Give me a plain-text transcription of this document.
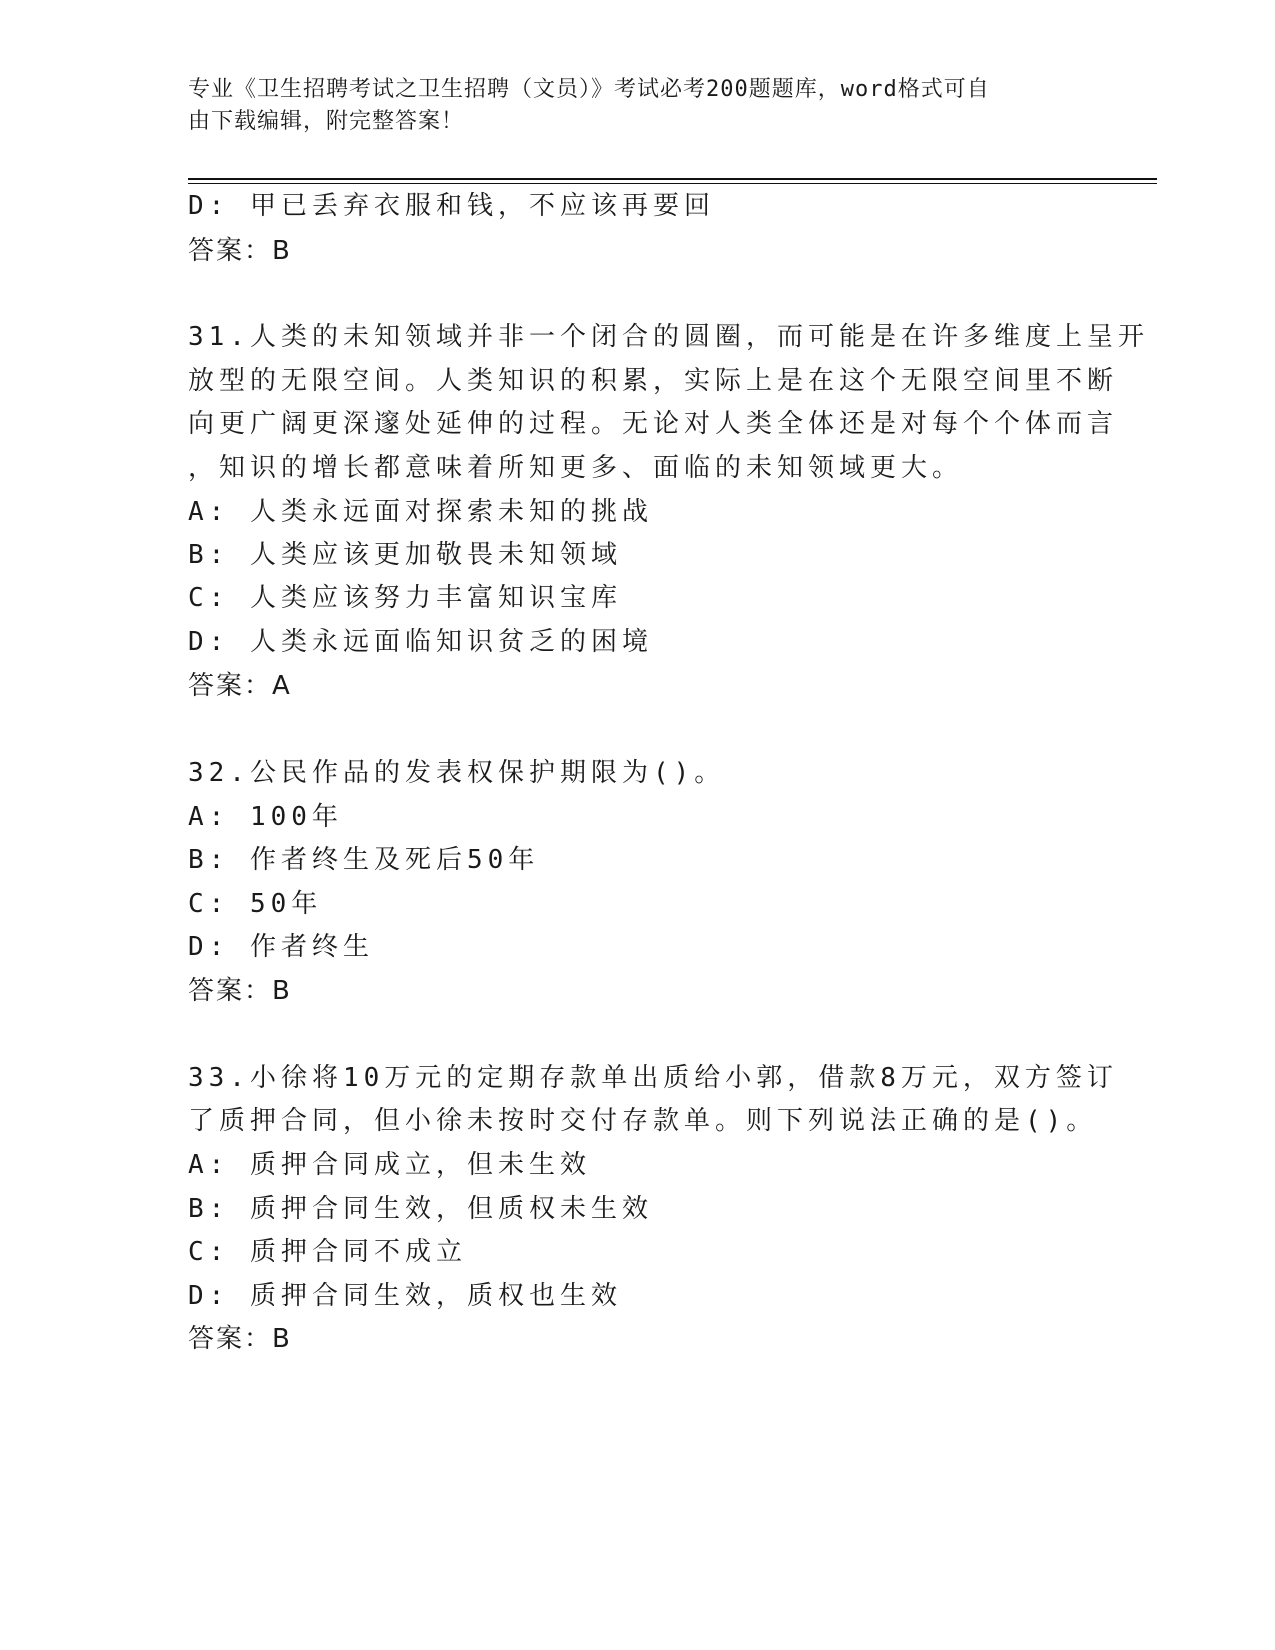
专业《卫生招聘考试之卫生招聘（文员）》考试必考200题题库，word格式可自
由下载编辑，附完整答案！
D: 甲已丢弃衣服和钱，不应该再要回
答案：B
31.人类的未知领域并非一个闭合的圆圈，而可能是在许多维度上呈开
放型的无限空间。人类知识的积累，实际上是在这个无限空间里不断
向更广阔更深邃处延伸的过程。无论对人类全体还是对每个个体而言
，知识的增长都意味着所知更多、面临的未知领域更大。
A: 人类永远面对探索未知的挑战
B: 人类应该更加敬畏未知领域
C: 人类应该努力丰富知识宝库
D: 人类永远面临知识贫乏的困境
答案：A
32.公民作品的发表权保护期限为()。
A: 100年
B: 作者终生及死后50年
C: 50年
D: 作者终生
答案：B
33.小徐将10万元的定期存款单出质给小郭，借款8万元，双方签订
了质押合同，但小徐未按时交付存款单。则下列说法正确的是()。
A: 质押合同成立，但未生效
B: 质押合同生效，但质权未生效
C: 质押合同不成立
D: 质押合同生效，质权也生效
答案：B
